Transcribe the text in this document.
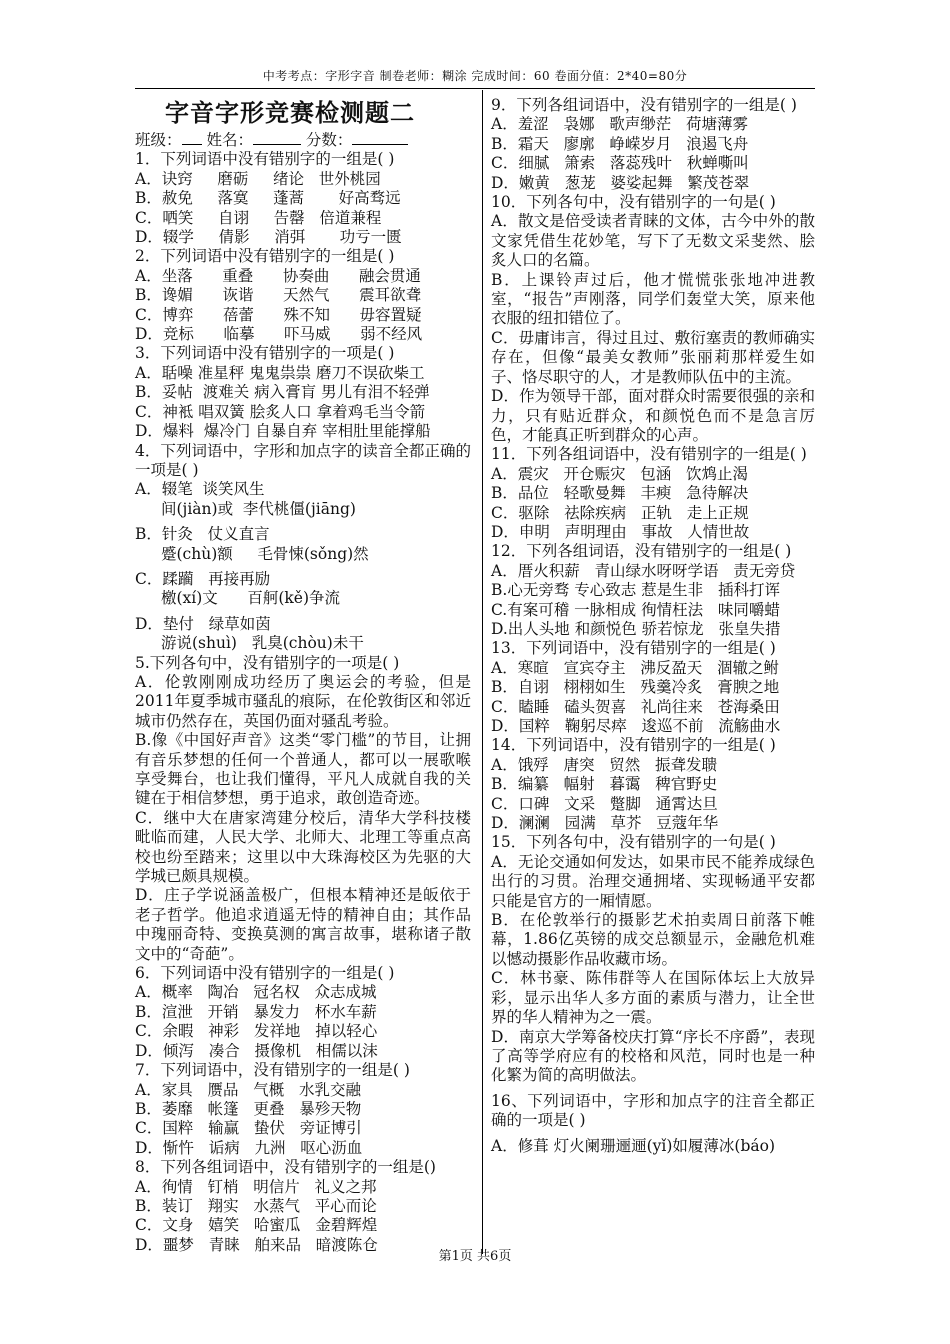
中考考点：字形字音 制卷老师：糊涂 完成时间：60 卷面分值：2*40=80分
字音字形竞赛检测题二
班级： 姓名：	分数：

1．下列词语中没有错别字的一组是( )

A．诀窍     磨砺     绪论   世外桃园

B．赦免     落寞     蓬蒿       好高骛远

C．哂笑     自诩     告罄   倍道兼程

D．辍学     倩影     消弭       功亏一匮

2．下列词语中没有错别字的一组是( )

A．坐落      重叠      协奏曲      融会贯通

B．谗媚      诙谐      天然气      震耳欲聋

C．博弈      蓓蕾      殊不知      毋容置疑

D．竞标      临摹      吓马威      弱不经风

3．下列词语中没有错别字的一项是( )

A．聒噪 准星秤 鬼鬼祟祟 磨刀不误砍柴工

B．妥帖  渡难关 病入膏肓 男儿有泪不轻弹

C．神袛 唱双簧 脍炙人口 拿着鸡毛当令箭

D．爆料  爆冷门 自暴自弃 宰相肚里能撑船

4．下列词语中，字形和加点字的读音全都正确的一项是( )

A．辍笔  谈笑风生

间(jiàn)或  李代桃僵(jiāng)

B．针灸   仗义直言

蹙(chù)额     毛骨悚(sǒng)然

C．蹂躏   再接再励

檄(xí)文      百舸(kě)争流

D．垫付   绿草如茵

游说(shuì)   乳臭(chòu)未干

5.下列各句中，没有错别字的一项是( )

A．伦敦刚刚成功经历了奥运会的考验，但是2011年夏季城市骚乱的痕际，在伦敦街区和邻近城市仍然存在，英国仍面对骚乱考验。

B.像《中国好声音》这类“零门槛”的节目，让拥有音乐梦想的任何一个普通人，都可以一展歌喉享受舞台，也让我们懂得，平凡人成就自我的关键在于相信梦想，勇于追求，敢创造奇迹。

C．继中大在唐家湾建分校后，清华大学科技楼毗临而建，人民大学、北师大、北理工等重点高校也纷至踏来；这里以中大珠海校区为先驱的大学城已颇具规模。

D．庄子学说涵盖极广，但根本精神还是皈依于老子哲学。他追求逍遥无恃的精神自由；其作品中瑰丽奇特、变换莫测的寓言故事，堪称诸子散文中的“奇葩”。

6．下列词语中没有错别字的一组是( )

A．概率   陶冶   冠名权   众志成城

B．渲泄   开销   暴发力   杯水车薪

C．余暇   神彩   发祥地   掉以轻心

D．倾泻   凑合   摄像机   相儒以沫

7．下列词语中，没有错别字的一组是( )

A．家具   赝品   气概   水乳交融

B．萎靡   帐篷   更叠   暴殄天物

C．国粹   输赢   蛰伏   旁证博引

D．惭忤   诟病   九洲   呕心沥血

8．下列各组词语中，没有错别字的一组是()

A．徇情   钉梢   明信片   礼义之邦

B．装订   翔实   水蒸气   平心而论

C．文身   嬉笑   哈蜜瓜   金碧辉煌

D．噩梦   青睐   舶来品   暗渡陈仓

9．下列各组词语中，没有错别字的一组是( )

A．羞涩   袅娜   歌声缈茫   荷塘薄雾

B．霜天   廖廓   峥嵘岁月   浪遏飞舟

C．细腻   箫索   落蕊残叶   秋蝉嘶叫

D．嫩黄   葱茏   婆娑起舞   繁茂苍翠

10．下列各句中，没有错别字的一句是( )

A．散文是倍受读者青睐的文体，古今中外的散文家凭借生花妙笔，写下了无数文采斐然、脍炙人口的名篇。

B．上课铃声过后，他才慌慌张张地冲进教室，“报告”声刚落，同学们轰堂大笑，原来他衣服的纽扣错位了。

C．毋庸讳言，得过且过、敷衍塞责的教师确实存在，但像“最美女教师”张丽莉那样爱生如子、恪尽职守的人，才是教师队伍中的主流。

D．作为领导干部，面对群众时需要很强的亲和力，只有贴近群众，和颜悦色而不是急言厉色，才能真正听到群众的心声。

11．下列各组词语中，没有错别字的一组是( )

A．震灾   开仓赈灾   包涵   饮鸩止渴

B．品位   轻歌曼舞   丰瘐   急待解决

C．驱除   祛除疾病   正轨   走上正规

D．申明   声明理由   事故   人情世故

12．下列各组词语，没有错别字的一组是( )

A．厝火积薪   青山绿水呀呀学语   责无旁贷

B.心无旁骛 专心致志 惹是生非   插科打诨

C.有案可稽 一脉相成 徇情枉法   味同嚼蜡

D.出人头地 和颜悦色 骄若惊龙   张皇失措

13．下列词语中，没有错别字的一组是( )

A．寒暄   宣宾夺主   沸反盈天   涸辙之鲋

B．自诩   栩栩如生   残羹冷炙   膏腴之地

C．瞌睡   磕头贺喜   礼尚往来   苍海桑田

D．国粹   鞠躬尽瘁   逡巡不前   流觞曲水

14．下列词语中，没有错别字的一组是( )

A．饿殍   唐突   贸然   振聋发聩

B．编纂   幅射   暮霭   稗官野史

C．口碑   文采   蹩脚   通霄达旦

D．澜澜   园满   草芥   豆蔻年华

15．下列各句中，没有错别字的一句是( )

A．无论交通如何发达，如果市民不能养成绿色出行的习贯。治理交通拥堵、实现畅通平安都只能是官方的一厢情愿。

B．在伦敦举行的摄影艺术拍卖周日前落下帷幕，1.86亿英镑的成交总额显示，金融危机难以憾动摄影作品收藏市场。

C．林书豪、陈伟群等人在国际体坛上大放异彩，显示出华人多方面的素质与潜力，让全世界的华人精神为之一震。

D．南京大学筹备校庆打算“序长不序爵”，表现了高等学府应有的校格和风范，同时也是一种化繁为简的高明做法。

16、下列词语中，字形和加点字的注音全都正确的一项是( )

A．修葺 灯火阑珊逦逦(yǐ)如履薄冰(báo)

第1页 共6页
